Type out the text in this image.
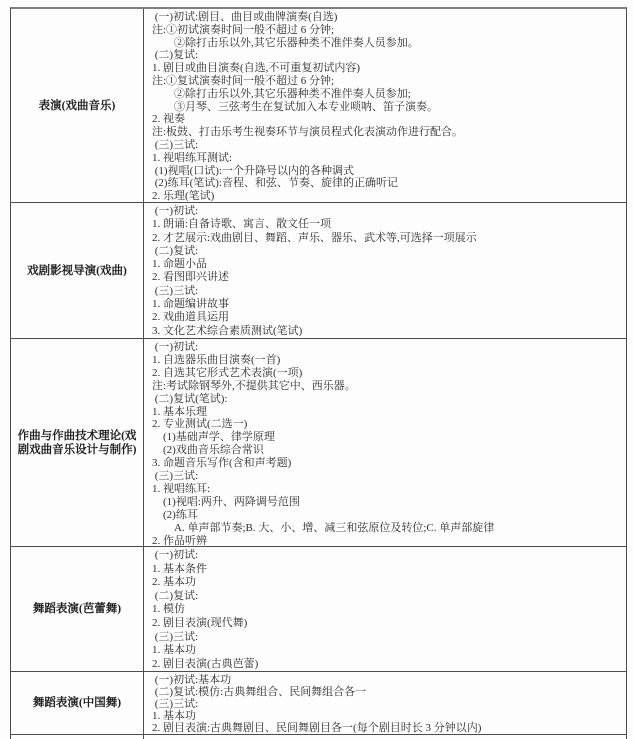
表演(戏曲音乐)
(一)初试:剧目、曲目或曲牌演奏(自选)
注:①初试演奏时间一般不超过 6 分钟;
　　②除打击乐以外,其它乐器种类不准伴奏人员参加。
(二)复试:
1. 剧目或曲目演奏(自选,不可重复初试内容)
注:①复试演奏时间一般不超过 6 分钟;
　　②除打击乐以外,其它乐器种类不准伴奏人员参加;
　　③月琴、三弦考生在复试加入本专业唢呐、笛子演奏。
2. 视奏
注:板鼓、打击乐考生视奏环节与演员程式化表演动作进行配合。
(三)三试:
1. 视唱练耳测试:
(1)视唱(口试):一个升降号以内的各种调式
(2)练耳(笔试):音程、和弦、节奏、旋律的正确听记
2. 乐理(笔试)
戏剧影视导演(戏曲)
(一)初试:
1. 朗诵:自备诗歌、寓言、散文任一项
2. 才艺展示:戏曲剧目、舞蹈、声乐、器乐、武术等,可选择一项展示
(二)复试:
1. 命题小品
2. 看图即兴讲述
(三)三试:
1. 命题编讲故事
2. 戏曲道具运用
3. 文化艺术综合素质测试(笔试)
作曲与作曲技术理论(戏剧戏曲音乐设计与制作)
(一)初试:
1. 自选器乐曲目演奏(一首)
2. 自选其它形式艺术表演(一项)
注:考试除钢琴外,不提供其它中、西乐器。
(二)复试(笔试):
1. 基本乐理
2. 专业测试(二选一)
　(1)基础声学、律学原理
　(2)戏曲音乐综合常识
3. 命题音乐写作(含和声考题)
(三)三试:
1. 视唱练耳:
　(1)视唱:两升、两降调号范围
　(2)练耳
　　A. 单声部节奏;B. 大、小、增、减三和弦原位及转位;C. 单声部旋律
2. 作品听辨
舞蹈表演(芭蕾舞)
(一)初试:
1. 基本条件
2. 基本功
(二)复试:
1. 模仿
2. 剧目表演(现代舞)
(三)三试:
1. 基本功
2. 剧目表演(古典芭蕾)
舞蹈表演(中国舞)
(一)初试:基本功
(二)复试:模仿:古典舞组合、民间舞组合各一
(三)三试:
1. 基本功
2. 剧目表演:古典舞剧目、民间舞剧目各一(每个剧目时长 3 分钟以内)
